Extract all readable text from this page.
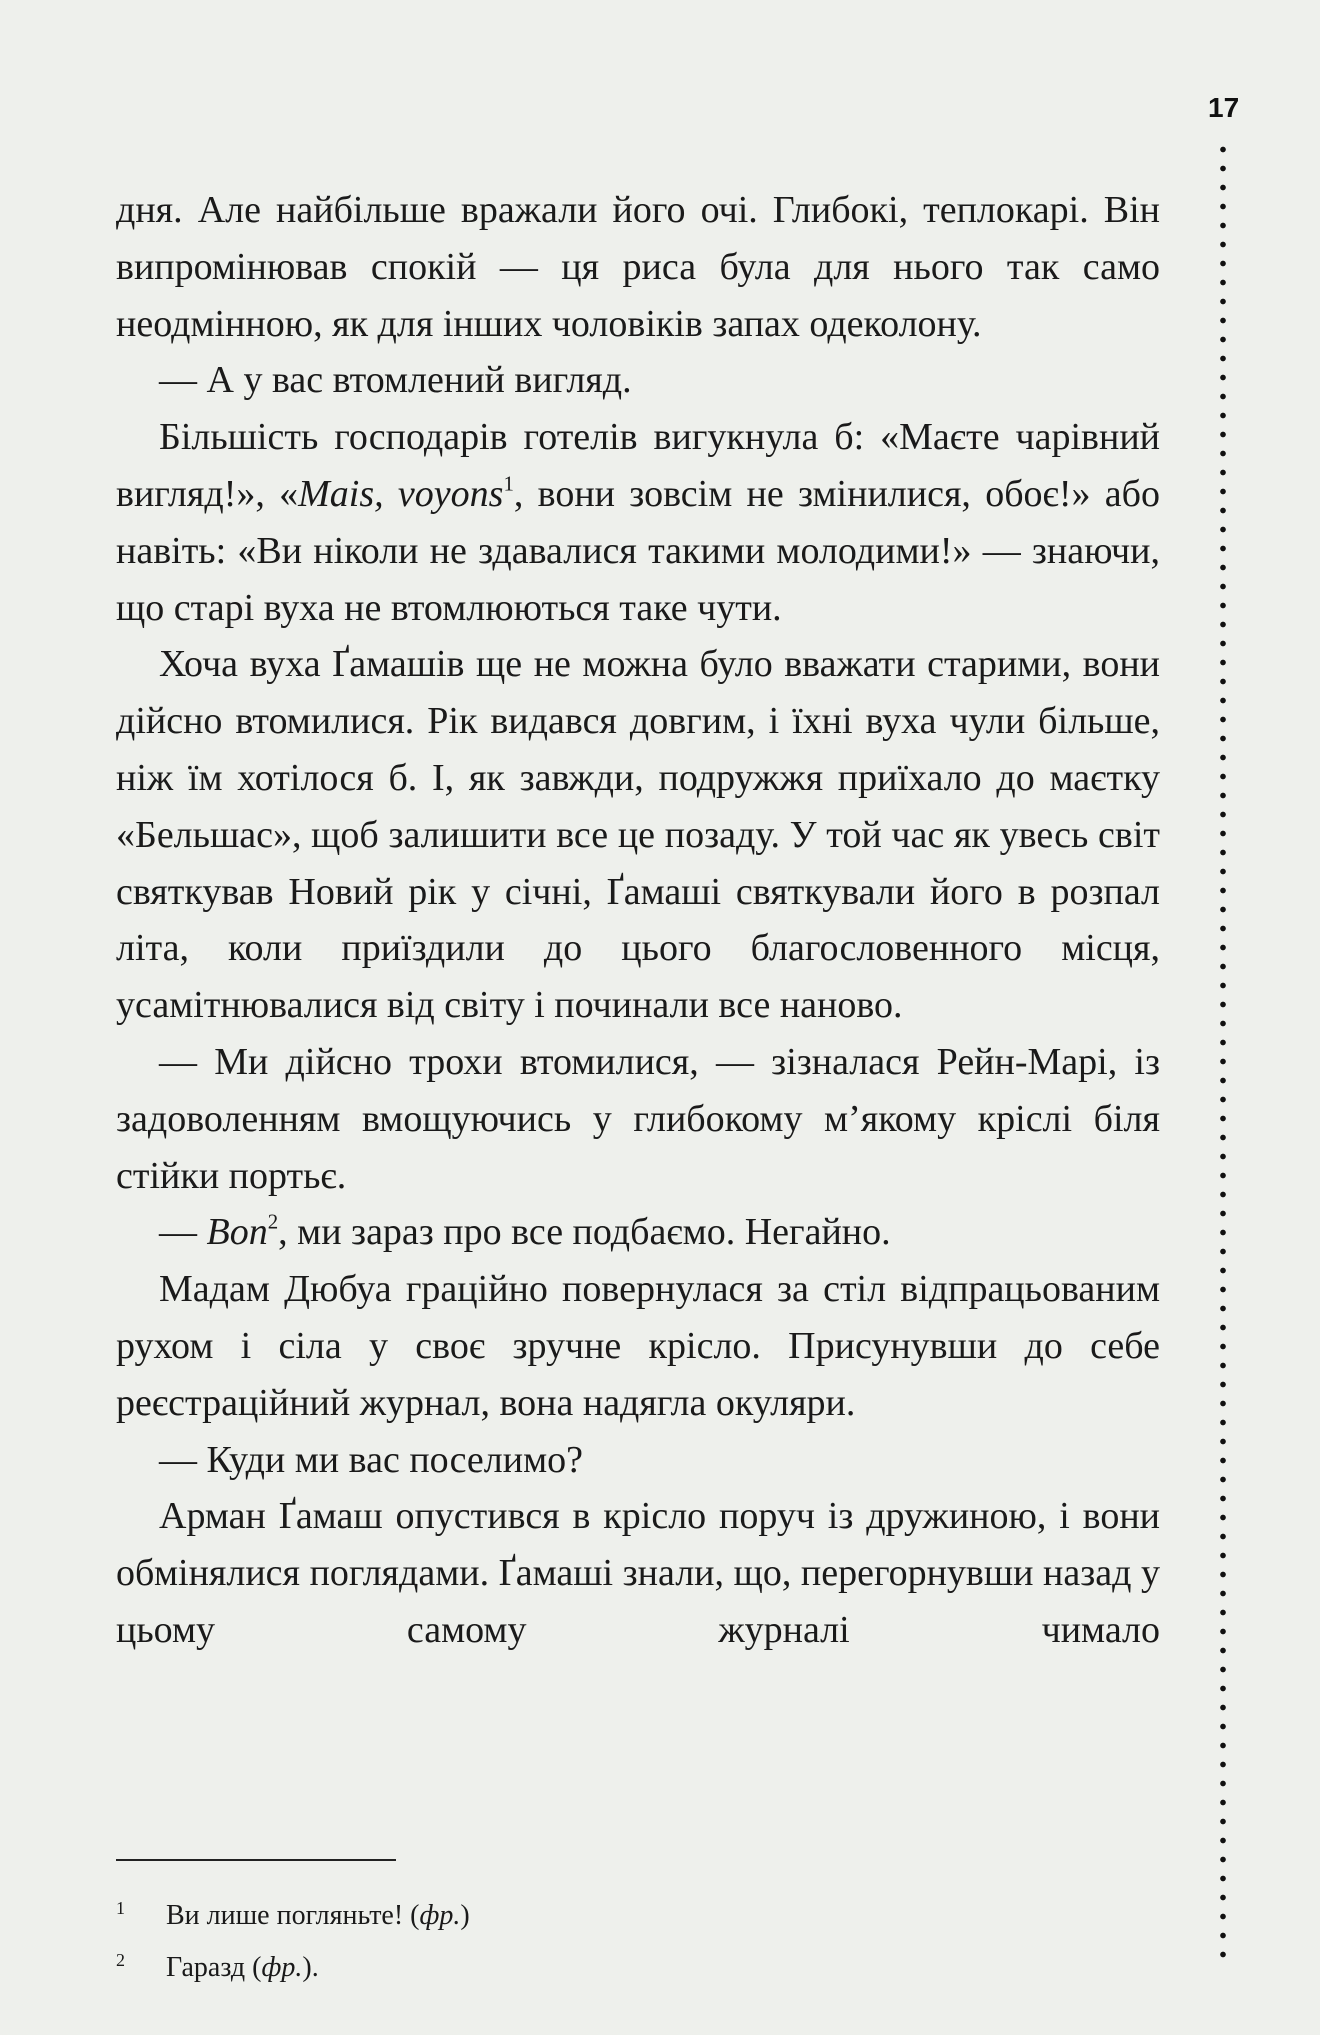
17

дня. Але найбільше вражали його очі. Глибокі, теплокарі. Він випромінював спокій — ця риса була для нього так само неодмінною, як для інших чоловіків запах одеколону.

— А у вас втомлений вигляд.

Більшість господарів готелів вигукнула б: «Маєте чарівний вигляд!», «Mais, voyons$^1$, вони зовсім не змінилися, обоє!» або навіть: «Ви ніколи не здавалися такими молодими!» — знаючи, що старі вуха не втомлюються таке чути.

Хоча вуха Ґамашів ще не можна було вважати старими, вони дійсно втомилися. Рік видався довгим, і їхні вуха чули більше, ніж їм хотілося б. І, як завжди, подружжя приїхало до маєтку «Бельшас», щоб залишити все це позаду. У той час як увесь світ святкував Новий рік у січні, Ґамаші святкували його в розпал літа, коли приїздили до цього благословенного місця, усамітнювалися від світу і починали все наново.

— Ми дійсно трохи втомилися, — зізналася Рейн-Марі, із задоволенням вмощуючись у глибокому м’якому кріслі біля стійки портьє.

— Bon$^2$, ми зараз про все подбаємо. Негайно.

Мадам Дюбуа грацiйно повернулася за стіл відпрацьованим рухом і сіла у своє зручне крісло. Присунувши до себе реєстраційний журнал, вона надягла окуляри.

— Куди ми вас поселимо?

Арман Ґамаш опустився в крісло поруч із дружиною, і вони обмінялися поглядами. Ґамаші знали, що, перегорнувши назад у цьому самому журналі чимало

1 Ви лише погляньте! (фр.)
2 Гаразд (фр.).
